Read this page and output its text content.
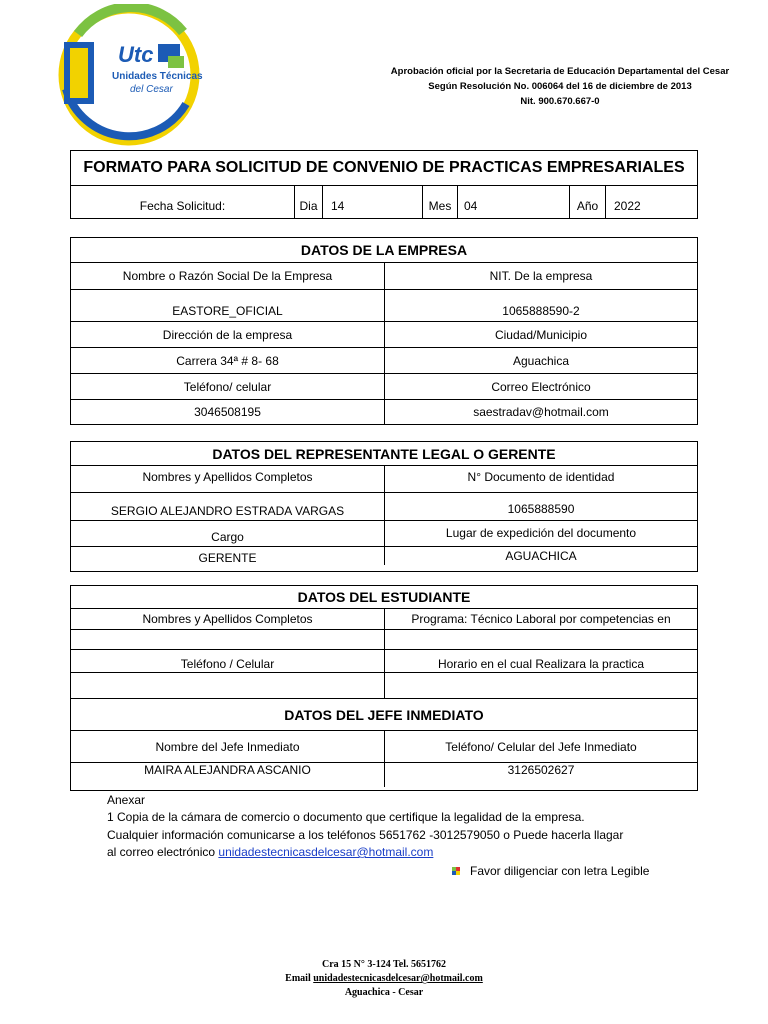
Utc
Unidades Técnicas
del Cesar
Aprobación oficial por la Secretaria de Educación Departamental del Cesar
Según Resolución No. 006064 del 16 de diciembre de 2013
Nit. 900.670.667-0
FORMATO PARA SOLICITUD DE CONVENIO DE PRACTICAS EMPRESARIALES
Fecha Solicitud:	Dia	14	Mes	04	Año	2022
DATOS DE LA EMPRESA
Nombre o Razón Social De la Empresa	NIT. De la empresa
EASTORE_OFICIAL	1065888590-2
Dirección de la empresa	Ciudad/Municipio
Carrera 34ª # 8- 68	Aguachica
Teléfono/ celular	Correo Electrónico
3046508195	saestradav@hotmail.com
DATOS DEL REPRESENTANTE LEGAL O GERENTE
Nombres y Apellidos Completos	N° Documento de identidad
SERGIO ALEJANDRO ESTRADA VARGAS	1065888590
Cargo	Lugar de expedición del documento
GERENTE	AGUACHICA
DATOS DEL ESTUDIANTE
Nombres y Apellidos Completos	Programa: Técnico Laboral por competencias en
Teléfono / Celular	Horario en el cual Realizara la practica
DATOS DEL JEFE INMEDIATO
Nombre del Jefe Inmediato	Teléfono/ Celular del Jefe Inmediato
MAIRA ALEJANDRA ASCANIO	3126502627
Anexar
1 Copia de la cámara de comercio o documento que certifique la legalidad de la empresa.
Cualquier información comunicarse a los teléfonos 5651762 -3012579050 o Puede hacerla llagar
al correo electrónico unidadestecnicasdelcesar@hotmail.com
Favor diligenciar con letra Legible
Cra 15 N° 3-124 Tel. 5651762
Email unidadestecnicasdelcesar@hotmail.com
Aguachica - Cesar
